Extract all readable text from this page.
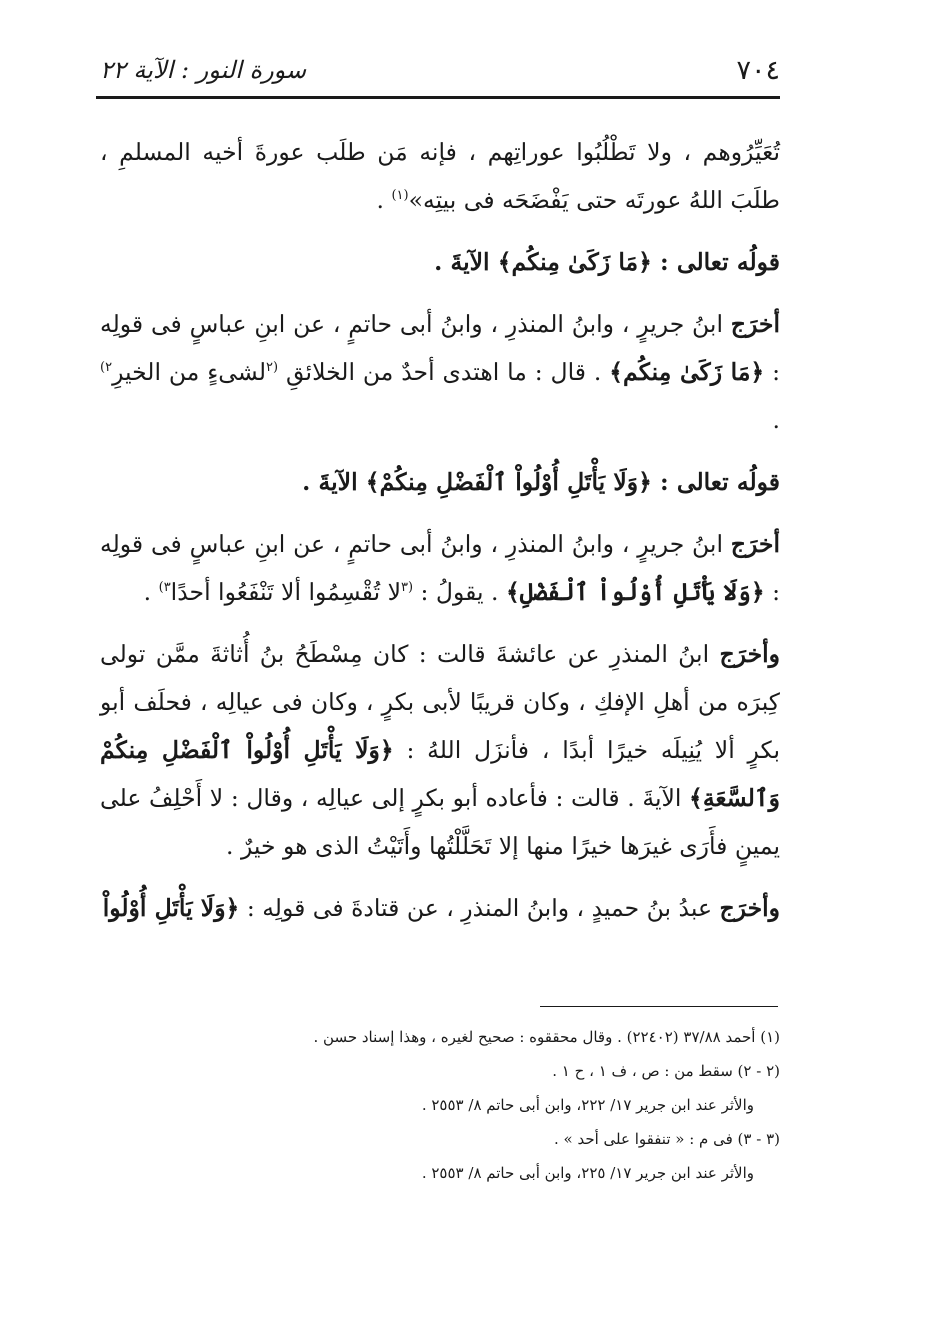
٧٠٤
سورة النور : الآية ٢٢

تُعَيِّرُوهم ، ولا تَطْلُبُوا عوراتِهم ، فإنه مَن طلَب عورةَ أخيه المسلمِ ، طلَبَ اللهُ عورتَه حتى يَفْضَحَه فى بيتِه»$^{(١)}$ .

قولُه تعالى : ﴿مَا زَكَىٰ مِنكُم﴾ الآيةَ .

أخرَج ابنُ جريرٍ ، وابنُ المنذرِ ، وابنُ أبى حاتمٍ ، عن ابنِ عباسٍ فى قولِه : ﴿مَا زَكَىٰ مِنكُم﴾ . قال : ما اهتدى أحدٌ من الخلائقِ $^{(٢}$لشىءٍ من الخيرِ$^{٢)}$ .

قولُه تعالى : ﴿وَلَا يَأْتَلِ أُوْلُواْ ٱلْفَضْلِ مِنكُمْ﴾ الآيةَ .

أخرَج ابنُ جريرٍ ، وابنُ المنذرِ ، وابنُ أبى حاتمٍ ، عن ابنِ عباسٍ فى قولِه : ﴿وَلَا يَأْتَلِ أُوْلُواْ ٱلْفَضْلِ﴾ . يقولُ : $^{(٣}$لا تُقْسِمُوا ألا تَنْفَعُوا أحدًا$^{٣)}$ .

وأخرَج ابنُ المنذرِ عن عائشةَ قالت : كان مِسْطَحُ بنُ أُثاثةَ ممَّن تولى كِبرَه من أهلِ الإفكِ ، وكان قريبًا لأبى بكرٍ ، وكان فى عيالِه ، فحلَف أبو بكرٍ ألا يُنِيلَه خيرًا أبدًا ، فأنزَل اللهُ : ﴿وَلَا يَأْتَلِ أُوْلُواْ ٱلْفَضْلِ مِنكُمْ وَٱلسَّعَةِ﴾ الآيةَ . قالت : فأعاده أبو بكرٍ إلى عيالِه ، وقال : لا أَحْلِفُ على يمينٍ فأَرَى غيرَها خيرًا منها إلا تَحَلَّلْتُها وأَتَيْتُ الذى هو خيرٌ .

وأخرَج عبدُ بنُ حميدٍ ، وابنُ المنذرِ ، عن قتادةَ فى قولِه : ﴿وَلَا يَأْتَلِ أُوْلُواْ

(١) أحمد ٣٧/٨٨ (٢٢٤٠٢) . وقال محققوه : صحيح لغيره ، وهذا إسناد حسن .

(٢ - ٢) سقط من : ص ، ف ١ ، ح ١ .

والأثر عند ابن جرير ١٧/ ٢٢٢، وابن أبى حاتم ٨/ ٢٥٥٣ .

(٣ - ٣) فى م : « تنفقوا على أحد » .

والأثر عند ابن جرير ١٧/ ٢٢٥، وابن أبى حاتم ٨/ ٢٥٥٣ .
